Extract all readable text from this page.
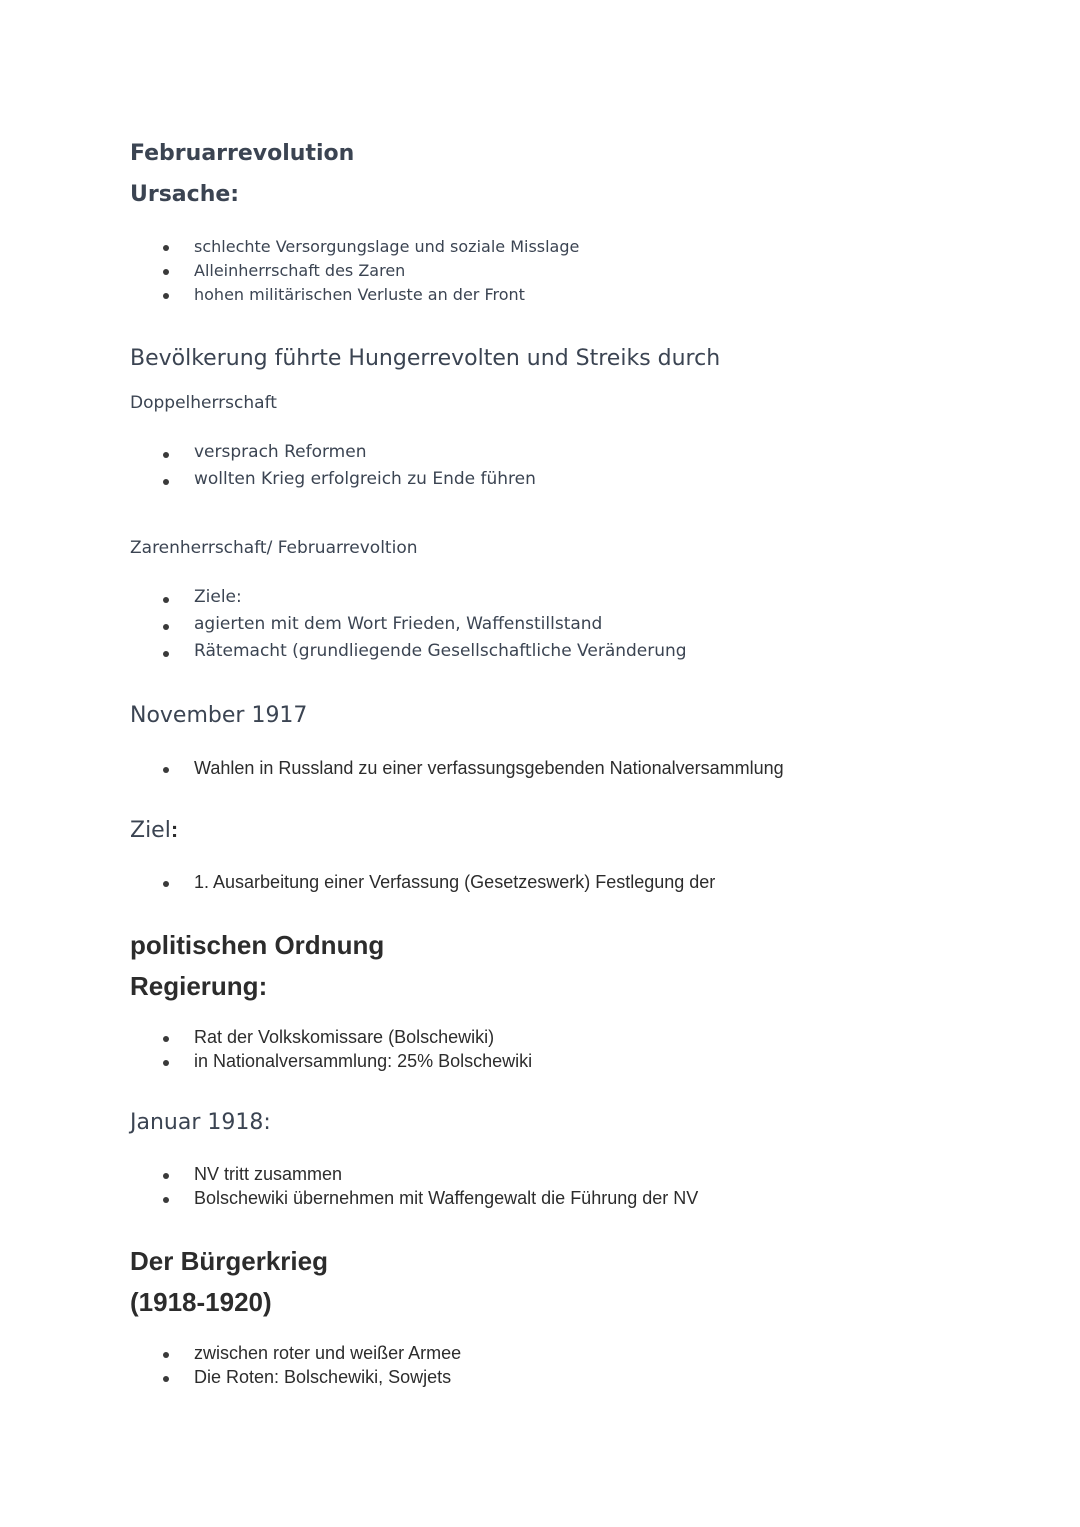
Februarrevolution
Ursache:
schlechte Versorgungslage und soziale Misslage
Alleinherrschaft des Zaren
hohen militärischen Verluste an der Front
Bevölkerung führte Hungerrevolten und Streiks durch

Doppelherrschaft

versprach Reformen
wollten Krieg erfolgreich zu Ende führen

Zarenherrschaft/ Februarrevoltion

Ziele:
agierten mit dem Wort Frieden, Waffenstillstand
Rätemacht (grundliegende Gesellschaftliche Veränderung
November 1917
Wahlen in Russland zu einer verfassungsgebenden Nationalversammlung
Ziel:
1. Ausarbeitung einer Verfassung (Gesetzeswerk) Festlegung der
politischen Ordnung
Regierung:
Rat der Volkskomissare (Bolschewiki)
in Nationalversammlung: 25% Bolschewiki
Januar 1918:
NV tritt zusammen
Bolschewiki übernehmen mit Waffengewalt die Führung der NV
Der Bürgerkrieg
(1918-1920)
zwischen roter und weißer Armee
Die Roten: Bolschewiki, Sowjets
